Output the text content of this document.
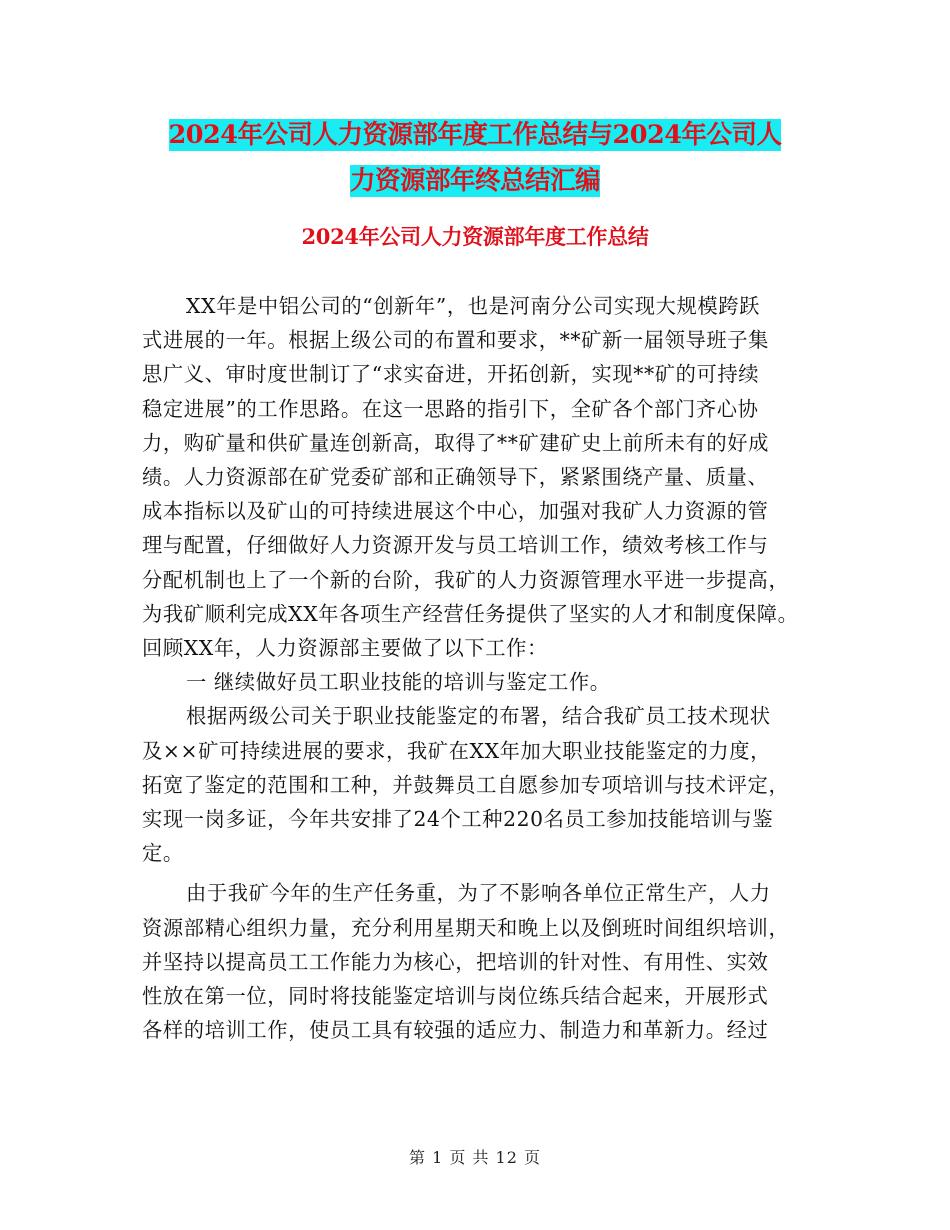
2024年公司人力资源部年度工作总结与2024年公司人
力资源部年终总结汇编
2024年公司人力资源部年度工作总结
XX年是中铝公司的“创新年”，也是河南分公司实现大规模跨跃
式进展的一年。根据上级公司的布置和要求，**矿新一届领导班子集
思广义、审时度世制订了“求实奋进，开拓创新，实现**矿的可持续
稳定进展”的工作思路。在这一思路的指引下，全矿各个部门齐心协
力，购矿量和供矿量连创新高，取得了**矿建矿史上前所未有的好成
绩。人力资源部在矿党委矿部和正确领导下，紧紧围绕产量、质量、
成本指标以及矿山的可持续进展这个中心，加强对我矿人力资源的管
理与配置，仔细做好人力资源开发与员工培训工作，绩效考核工作与
分配机制也上了一个新的台阶，我矿的人力资源管理水平进一步提高，
为我矿顺利完成XX年各项生产经营任务提供了坚实的人才和制度保障。
回顾XX年，人力资源部主要做了以下工作：
一 继续做好员工职业技能的培训与鉴定工作。
根据两级公司关于职业技能鉴定的布署，结合我矿员工技术现状
及××矿可持续进展的要求，我矿在XX年加大职业技能鉴定的力度，
拓宽了鉴定的范围和工种，并鼓舞员工自愿参加专项培训与技术评定，
实现一岗多证，今年共安排了24个工种220名员工参加技能培训与鉴
定。
由于我矿今年的生产任务重，为了不影响各单位正常生产，人力
资源部精心组织力量，充分利用星期天和晚上以及倒班时间组织培训，
并坚持以提高员工工作能力为核心，把培训的针对性、有用性、实效
性放在第一位，同时将技能鉴定培训与岗位练兵结合起来，开展形式
各样的培训工作，使员工具有较强的适应力、制造力和革新力。经过
第 1 页 共 12 页
